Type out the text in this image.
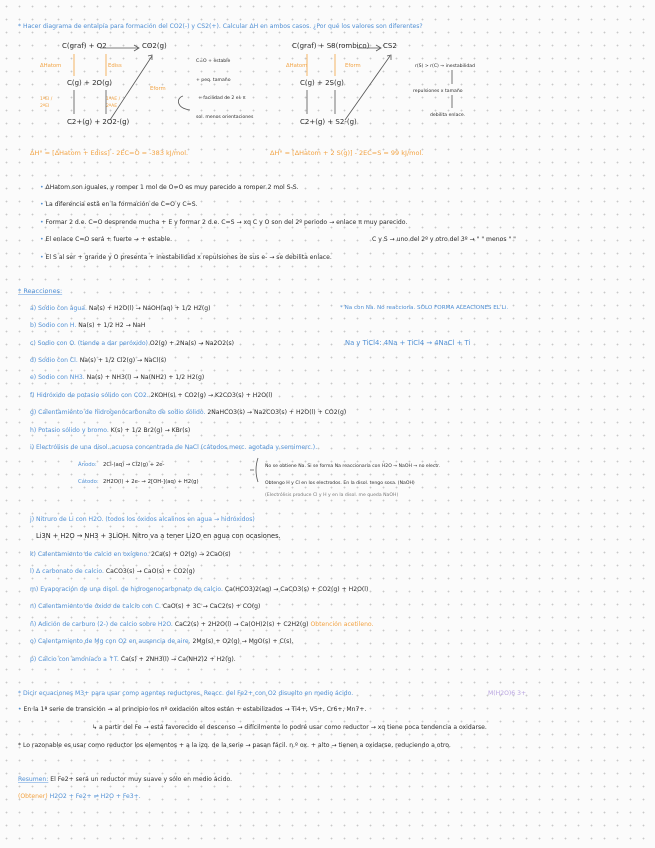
* Hacer diagrama de entalpía para formación del CO2(-) y CS2(+). Calcular ΔH en ambos casos. ¿Por qué los valores son diferentes?
C(graf) + O2	CO2(g)
ΔHatom	Ediss
Eform
C(g) + 2O(g)
1ªEI / 2ªEI
1ªAE / 2ªAE
C2+(g) + 2O2-(g)
ΔH° = [ΔHatom + Ediss] - 2EC=O = -383 kJ/mol.
C=O + estable
+ peq. tamaño
+ facilidad de 2 el. π
sol. menos orientaciones
C(graf) + S8(rombico) CS2
ΔHatom	Eform
C(g) + 2S(g)
C2+(g) + S2-(g)
ΔH° = [ΔHatom + 2 S(g)] - 2EC=S = 99 kJ/mol.
r(S) > r(C) → inestabilidad
repulsiones x tamaño
debilita enlace.
• ΔHatom son iguales, y romper 1 mol de O=O es muy parecido a romper 2 mol S-S.
• La diferencia está en la formación de C=O y C=S.
• Formar 2 d.e. C=O desprende mucha + E y formar 2 d.e. C=S → xq C y O son del 2º periodo → enlace π muy parecido.
• El enlace C=O será + fuerte → + estable.
• El S al ser + grande y O presenta + inestabilidad x repulsiones de sus e- → se debilita enlace.
C y S → uno del 2º y otro del 3º → " " menos " "
* Reacciones:
a) Sodio con agua. Na(s) + H2O(l) → NaOH(aq) + 1/2 H2(g)
b) Sodio con H. Na(s) + 1/2 H2 → NaH
c) Sodio con O. (tiende a dar peróxido) O2(g) + 2Na(s) → Na2O2(s)
d) Sodio con Cl. Na(s) + 1/2 Cl2(g) → NaCl(s)
e) Sodio con NH3. Na(s) + NH3(l) → Na(NH2) + 1/2 H2(g)
f) Hidróxido de potasio sólido con CO2. 2KOH(s) + CO2(g) → K2CO3(s) + H2O(l)
g) Calentamiento de hidrogenocarbonato de sodio sólido. 2NaHCO3(s) → Na2CO3(s) + H2O(l) + CO2(g)
h) Potasio sólido y bromo. K(s) + 1/2 Br2(g) → KBr(s)
i) Electrólisis de una disol. acuosa concentrada de NaCl (cátodos merc. agotada y semimerc.).
Ánodo: 2Cl-(aq) → Cl2(g) + 2e-
Cátodo: 2H2O(l) + 2e- → 2[OH-](aq) + H2(g)
No se obtiene Na. Si se forma Na reaccionaría con H2O → NaOH → no electr.
Obtengo H y Cl en los electrodos. En la disol. tengo sosa. (NaOH)
(Electrólisis produce Cl y H y en la disol. me queda NaOH)
* Na con Na. No reacciona. SÓLO FORMA ALEACIONES EL Li.
Na y TiCl4: 4Na + TiCl4 → 4NaCl + Ti
j) Nitruro de Li con H2O. (todos los óxidos alcalinos en agua → hidróxidos)
Li3N + H2O → NH3 + 3LiOH. Nitro va a tener Li2O en agua con ocasiones.
k) Calentamiento de calcio en oxígeno. 2Ca(s) + O2(g) → 2CaO(s)
l) Δ carbonato de calcio. CaCO3(s) → CaO(s) + CO2(g)
m) Evaporación de una disol. de hidrogenocarbonato de calcio. Ca(HCO3)2(aq) → CaCO3(s) + CO2(g) + H2O(l)
n) Calentamiento de óxido de calcio con C. CaO(s) + 3C → CaC2(s) + CO(g)
ñ) Adición de carburo (2-) de calcio sobre H2O. CaC2(s) + 2H2O(l) → Ca(OH)2(s) + C2H2(g) Obtención acetileno.
o) Calentamiento de Mg con O2 en ausencia de aire. 2Mg(s) + O2(g) → MgO(s) + C(s).
p) Calcio con amoníaco a ↑T. Ca(s) + 2NH3(l) → Ca(NH2)2 + H2(g).
* Dicir ecuaciones M3+ para usar como agentes reductores. Reacc. del Fe2+ con O2 disuelto en medio ácido.	M(H2O)6 3+
• En la 1ª serie de transición → al principio los nº oxidación altos están + estabilizados → Ti4+, V5+, Cr6+, Mn7+.
↳ a partir del Fe → está favorecido el descenso → difícilmente lo podré usar como reductor → xq tiene poca tendencia a oxidarse.
* Lo razonable es usar como reductor los elementos + a la izq. de la serie → pasan fácil. n.º ox. + alto → tienen a oxidarse, reduciendo a otro.
Resumen: El Fe2+ será un reductor muy suave y sólo en medio ácido.
(Obtener) H2O2 + Fe2+ ⇌ H2O + Fe3+.
